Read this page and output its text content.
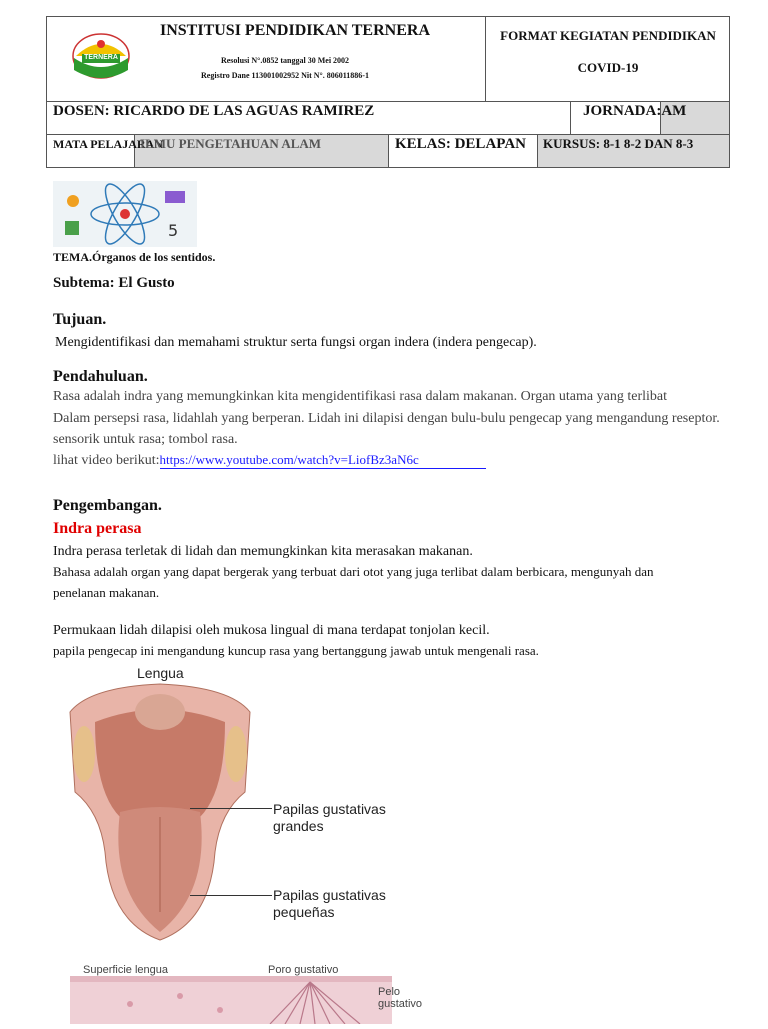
TERNERA
INSTITUSI PENDIDIKAN TERNERA
Resolusi N°.0852 tanggal 30 Mei 2002
Registro Dane 113001002952 Nit N°. 806011886-1
FORMAT KEGIATAN PENDIDIKAN
COVID-19
DOSEN: RICARDO DE LAS AGUAS RAMIREZ	JORNADA:AM
MATA PELAJARAN
ILMU PENGETAHUAN ALAM	KELAS: DELAPAN KURSUS: 8-1 8-2 DAN 8-3
5
TEMA.Órganos de los sentidos.
Subtema: El Gusto
Tujuan.
Mengidentifikasi dan memahami struktur serta fungsi organ indera (indera pengecap).
Pendahuluan.
Rasa adalah indra yang memungkinkan kita mengidentifikasi rasa dalam makanan. Organ utama yang terlibat
Dalam persepsi rasa, lidahlah yang berperan. Lidah ini dilapisi dengan bulu-bulu pengecap yang mengandung reseptor.
sensorik untuk rasa; tombol rasa.
lihat video berikut:https://www.youtube.com/watch?v=LiofBz3aN6c
Pengembangan.
Indra perasa
Indra perasa terletak di lidah dan memungkinkan kita merasakan makanan.
Bahasa adalah organ yang dapat bergerak yang terbuat dari otot yang juga terlibat dalam berbicara, mengunyah dan
penelanan makanan.
Permukaan lidah dilapisi oleh mukosa lingual di mana terdapat tonjolan kecil.
papila pengecap ini mengandung kuncup rasa yang bertanggung jawab untuk mengenali rasa.
Lengua
Papilas gustativas
grandes
Papilas gustativas
pequeñas
Superficie lengua	Poro gustativo
Pelo
gustativo
